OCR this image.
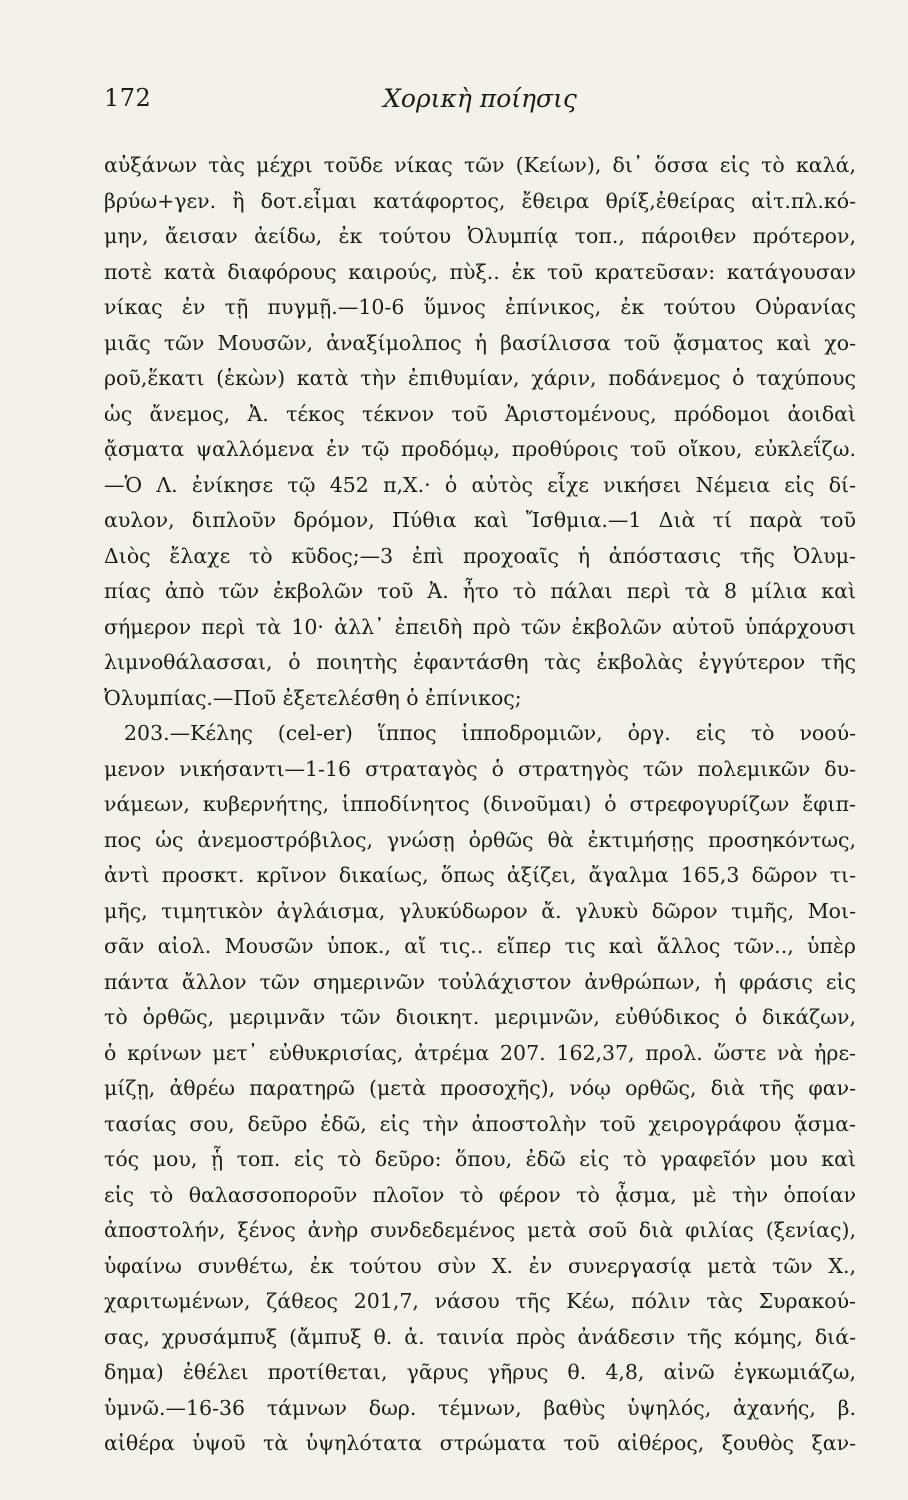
172	Χορικὴ ποίησις
αὐξάνων τὰς μέχρι τοῦδε νίκας τῶν (Κείων), δι᾿ ὅσσα εἰς τὸ καλά,
βρύω+γεν. ἢ δοτ.εἶμαι κατάφορτος, ἔθειρα θρίξ,ἐθείρας αἰτ.πλ.κό-
μην, ἄεισαν ἀείδω, ἐκ τούτου Ὀλυμπίᾳ τοπ., πάροιθεν πρότερον,
ποτὲ κατὰ διαφόρους καιρούς, πὺξ.. ἐκ τοῦ κρατεῦσαν: κατάγουσαν
νίκας ἐν τῇ πυγμῇ.—10-6 ὕμνος ἐπίνικος, ἐκ τούτου Οὐρανίας
μιᾶς τῶν Μουσῶν, ἀναξίμολπος ἡ βασίλισσα τοῦ ᾄσματος καὶ χο-
ροῦ,ἕκατι (ἑκὼν) κατὰ τὴν ἐπιθυμίαν, χάριν, ποδάνεμος ὁ ταχύπους
ὡς ἄνεμος, Ἀ. τέκος τέκνον τοῦ Ἀριστομένους, πρόδομοι ἀοιδαὶ
ᾄσματα ψαλλόμενα ἐν τῷ προδόμῳ, προθύροις τοῦ οἴκου, εὐκλεΐζω.
—Ὁ Λ. ἐνίκησε τῷ 452 π,Χ.· ὁ αὐτὸς εἶχε νικήσει Νέμεια εἰς δί-
αυλον, διπλοῦν δρόμον, Πύθια καὶ Ἴσθμια.—1 Διὰ τί παρὰ τοῦ
Διὸς ἔλαχε τὸ κῦδος;—3 ἐπὶ προχοαῖς ἡ ἀπόστασις τῆς Ὀλυμ-
πίας ἀπὸ τῶν ἐκβολῶν τοῦ Ἀ. ἦτο τὸ πάλαι περὶ τὰ 8 μίλια καὶ
σήμερον περὶ τὰ 10· ἀλλ᾿ ἐπειδὴ πρὸ τῶν ἐκβολῶν αὐτοῦ ὑπάρχουσι
λιμνοθάλασσαι, ὁ ποιητὴς ἐφαντάσθη τὰς ἐκβολὰς ἐγγύτερον τῆς
Ὀλυμπίας.—Ποῦ ἐξετελέσθη ὁ ἐπίνικος;
203.—Κέλης (cel-er) ἵππος ἱπποδρομιῶν, ὀργ. εἰς τὸ νοού-
μενον νικήσαντι—1-16 στραταγὸς ὁ στρατηγὸς τῶν πολεμικῶν δυ-
νάμεων, κυβερνήτης, ἱπποδίνητος (δινοῦμαι) ὁ στρεφογυρίζων ἔφιπ-
πος ὡς ἀνεμοστρόβιλος, γνώσῃ ὀρθῶς θὰ ἐκτιμήσῃς προσηκόντως,
ἀντὶ προσκτ. κρῖνον δικαίως, ὅπως ἀξίζει, ἄγαλμα 165,3 δῶρον τι-
μῆς, τιμητικὸν ἀγλάισμα, γλυκύδωρον ἄ. γλυκὺ δῶρον τιμῆς, Μοι-
σᾶν αἰολ. Μουσῶν ὑποκ., αἴ τις.. εἴπερ τις καὶ ἄλλος τῶν.., ὑπὲρ
πάντα ἄλλον τῶν σημερινῶν τοὐλάχιστον ἀνθρώπων, ἡ φράσις εἰς
τὸ ὀρθῶς, μεριμνᾶν τῶν διοικητ. μεριμνῶν, εὐθύδικος ὁ δικάζων,
ὁ κρίνων μετ᾿ εὐθυκρισίας, ἀτρέμα 207. 162,37, προλ. ὥστε νὰ ἠρε-
μίζῃ, ἀθρέω παρατηρῶ (μετὰ προσοχῆς), νόῳ ορθῶς, διὰ τῆς φαν-
τασίας σου, δεῦρο ἐδῶ, εἰς τὴν ἀποστολὴν τοῦ χειρογράφου ᾄσμα-
τός μου, ᾗ τοπ. εἰς τὸ δεῦρο: ὅπου, ἐδῶ εἰς τὸ γραφεῖόν μου καὶ
εἰς τὸ θαλασσοποροῦν πλοῖον τὸ φέρον τὸ ᾆσμα, μὲ τὴν ὁποίαν
ἀποστολήν, ξένος ἀνὴρ συνδεδεμένος μετὰ σοῦ διὰ φιλίας (ξενίας),
ὑφαίνω συνθέτω, ἐκ τούτου σὺν Χ. ἐν συνεργασίᾳ μετὰ τῶν Χ.,
χαριτωμένων, ζάθεος 201,7, νάσου τῆς Κέω, πόλιν τὰς Συρακού-
σας, χρυσάμπυξ (ἄμπυξ θ. ἀ. ταινία πρὸς ἀνάδεσιν τῆς κόμης, διά-
δημα) ἐθέλει προτίθεται, γᾶρυς γῆρυς θ. 4,8, αἰνῶ ἐγκωμιάζω,
ὑμνῶ.—16-36 τάμνων δωρ. τέμνων, βαθὺς ὑψηλός, ἀχανής, β.
αἰθέρα ὑψοῦ τὰ ὑψηλότατα στρώματα τοῦ αἰθέρος, ξουθὸς ξαν-
